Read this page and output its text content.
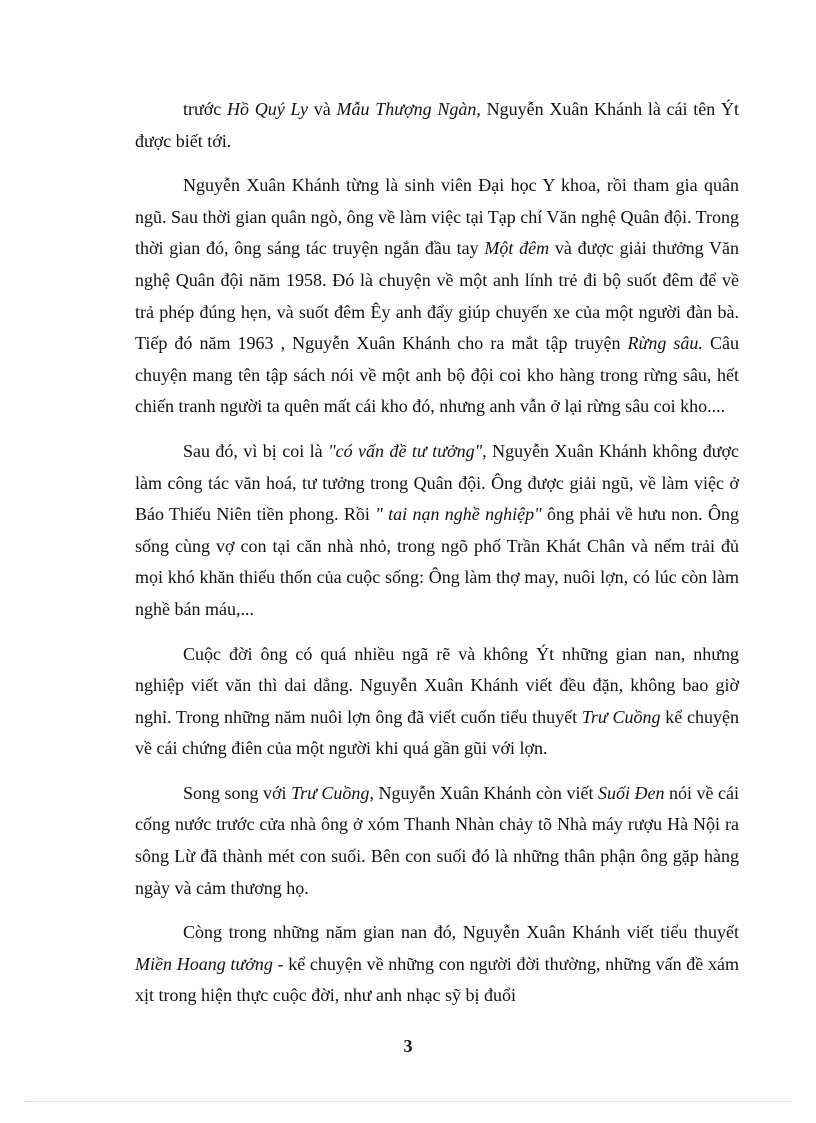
trước Hồ Quý Ly và Mẫu Thượng Ngàn, Nguyễn Xuân Khánh là cái tên Ýt được biết tới.

Nguyễn Xuân Khánh từng là sinh viên Đại học Y khoa, rồi tham gia quân ngũ. Sau thời gian quân ngò, ông về làm việc tại Tạp chí Văn nghệ Quân đội. Trong thời gian đó, ông sáng tác truyện ngắn đầu tay Một đêm và được giải thưởng Văn nghệ Quân đội năm 1958. Đó là chuyện về một anh lính trẻ đi bộ suốt đêm để về trả phép đúng hẹn, và suốt đêm Êy anh đẩy giúp chuyến xe của một người đàn bà. Tiếp đó năm 1963 , Nguyễn Xuân Khánh cho ra mắt tập truyện Rừng sâu. Câu chuyện mang tên tập sách nói về một anh bộ đội coi kho hàng trong rừng sâu, hết chiến tranh người ta quên mất cái kho đó, nhưng anh vẫn ở lại rừng sâu coi kho....

Sau đó, vì bị coi là "có vấn đề tư tưởng", Nguyễn Xuân Khánh không được làm công tác văn hoá, tư tưởng trong Quân đội. Ông được giải ngũ, về làm việc ở Báo Thiếu Niên tiền phong. Rồi " tai nạn nghề nghiệp" ông phải về hưu non. Ông sống cùng vợ con tại căn nhà nhỏ, trong ngõ phố Trần Khát Chân và nếm trải đủ mọi khó khăn thiếu thốn của cuộc sống: Ông làm thợ may, nuôi lợn, có lúc còn làm nghề bán máu,...

Cuộc đời ông có quá nhiều ngã rẽ và không Ýt những gian nan, nhưng nghiệp viết văn thì dai dẳng. Nguyễn Xuân Khánh viết đều đặn, không bao giờ nghỉ. Trong những năm nuôi lợn ông đã viết cuốn tiểu thuyết Trư Cuồng kể chuyện về cái chứng điên của một người khi quá gần gũi với lợn.

Song song với Trư Cuồng, Nguyễn Xuân Khánh còn viết Suối Đen nói về cái cống nước trước cửa nhà ông ở xóm Thanh Nhàn chảy tõ Nhà máy rượu Hà Nội ra sông Lừ đã thành mét con suối. Bên con suối đó là những thân phận ông gặp hàng ngày và cảm thương họ.

Còng trong những năm gian nan đó, Nguyễn Xuân Khánh viết tiểu thuyết Miền Hoang tưởng - kể chuyện về những con người đời thường, những vấn đề xám xịt trong hiện thực cuộc đời, như anh nhạc sỹ bị đuổi

3
